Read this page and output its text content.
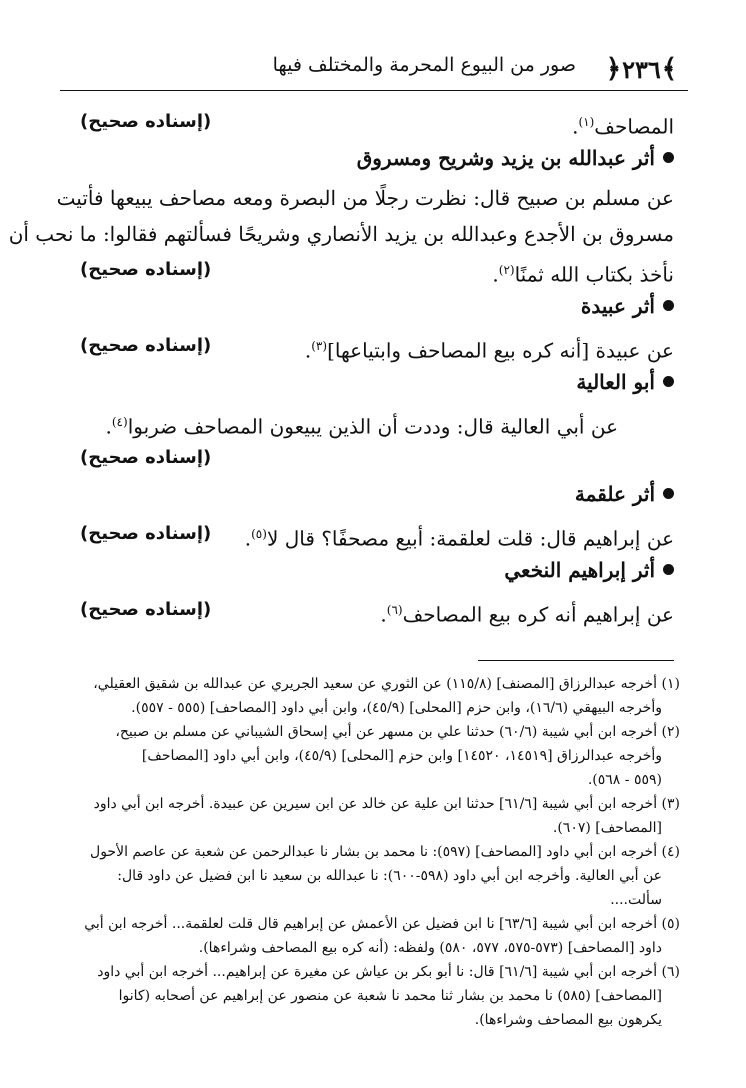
﴾
٢٣٦
﴿
صور من البيوع المحرمة والمختلف فيها
المصاحف$^{(١)}$.
(إسناده صحيح)
أثر عبدالله بن يزيد وشريح ومسروق
عن مسلم بن صبيح قال: نظرت رجلًا من البصرة ومعه مصاحف يبيعها فأتيت
مسروق بن الأجدع وعبدالله بن يزيد الأنصاري وشريحًا فسألتهم فقالوا: ما نحب أن
نأخذ بكتاب الله ثمنًا$^{(٢)}$.
(إسناده صحيح)
أثر عبيدة
عن عبيدة [أنه كره بيع المصاحف وابتياعها]$^{(٣)}$.
(إسناده صحيح)
أبو العالية
عن أبي العالية قال: وددت أن الذين يبيعون المصاحف ضربوا$^{(٤)}$.
(إسناده صحيح)
أثر علقمة
عن إبراهيم قال: قلت لعلقمة: أبيع مصحفًا؟ قال لا$^{(٥)}$.
(إسناده صحيح)
أثر إبراهيم النخعي
عن إبراهيم أنه كره بيع المصاحف$^{(٦)}$.
(إسناده صحيح)
(١) أخرجه عبدالرزاق [المصنف] (١١٥/٨) عن الثوري عن سعيد الجريري عن عبدالله بن شقيق العقيلي،
وأخرجه البيهقي (١٦/٦)، وابن حزم [المحلى] (٤٥/٩)، وابن أبي داود [المصاحف] (٥٥٥ - ٥٥٧).
(٢) أخرجه ابن أبي شيبة (٦٠/٦) حدثنا علي بن مسهر عن أبي إسحاق الشيباني عن مسلم بن صبيح،
وأخرجه عبدالرزاق [١٤٥١٩، ١٤٥٢٠] وابن حزم [المحلى] (٤٥/٩)، وابن أبي داود [المصاحف]
(٥٥٩ - ٥٦٨).
(٣) أخرجه ابن أبي شيبة [٦١/٦] حدثنا ابن علية عن خالد عن ابن سيرين عن عبيدة. أخرجه ابن أبي داود
[المصاحف] (٦٠٧).
(٤) أخرجه ابن أبي داود [المصاحف] (٥٩٧): نا محمد بن بشار نا عبدالرحمن عن شعبة عن عاصم الأحول
عن أبي العالية. وأخرجه ابن أبي داود (٥٩٨-٦٠٠): نا عبدالله بن سعيد نا ابن فضيل عن داود قال:
سألت....
(٥) أخرجه ابن أبي شيبة [٦٣/٦] نا ابن فضيل عن الأعمش عن إبراهيم قال قلت لعلقمة... أخرجه ابن أبي
داود [المصاحف] (٥٧٣-٥٧٥، ٥٧٧، ٥٨٠) ولفظه: (أنه كره بيع المصاحف وشراءها).
(٦) أخرجه ابن أبي شيبة [٦١/٦] قال: نا أبو بكر بن عياش عن مغيرة عن إبراهيم... أخرجه ابن أبي داود
[المصاحف] (٥٨٥) نا محمد بن بشار ثنا محمد نا شعبة عن منصور عن إبراهيم عن أصحابه (كانوا
يكرهون بيع المصاحف وشراءها).
